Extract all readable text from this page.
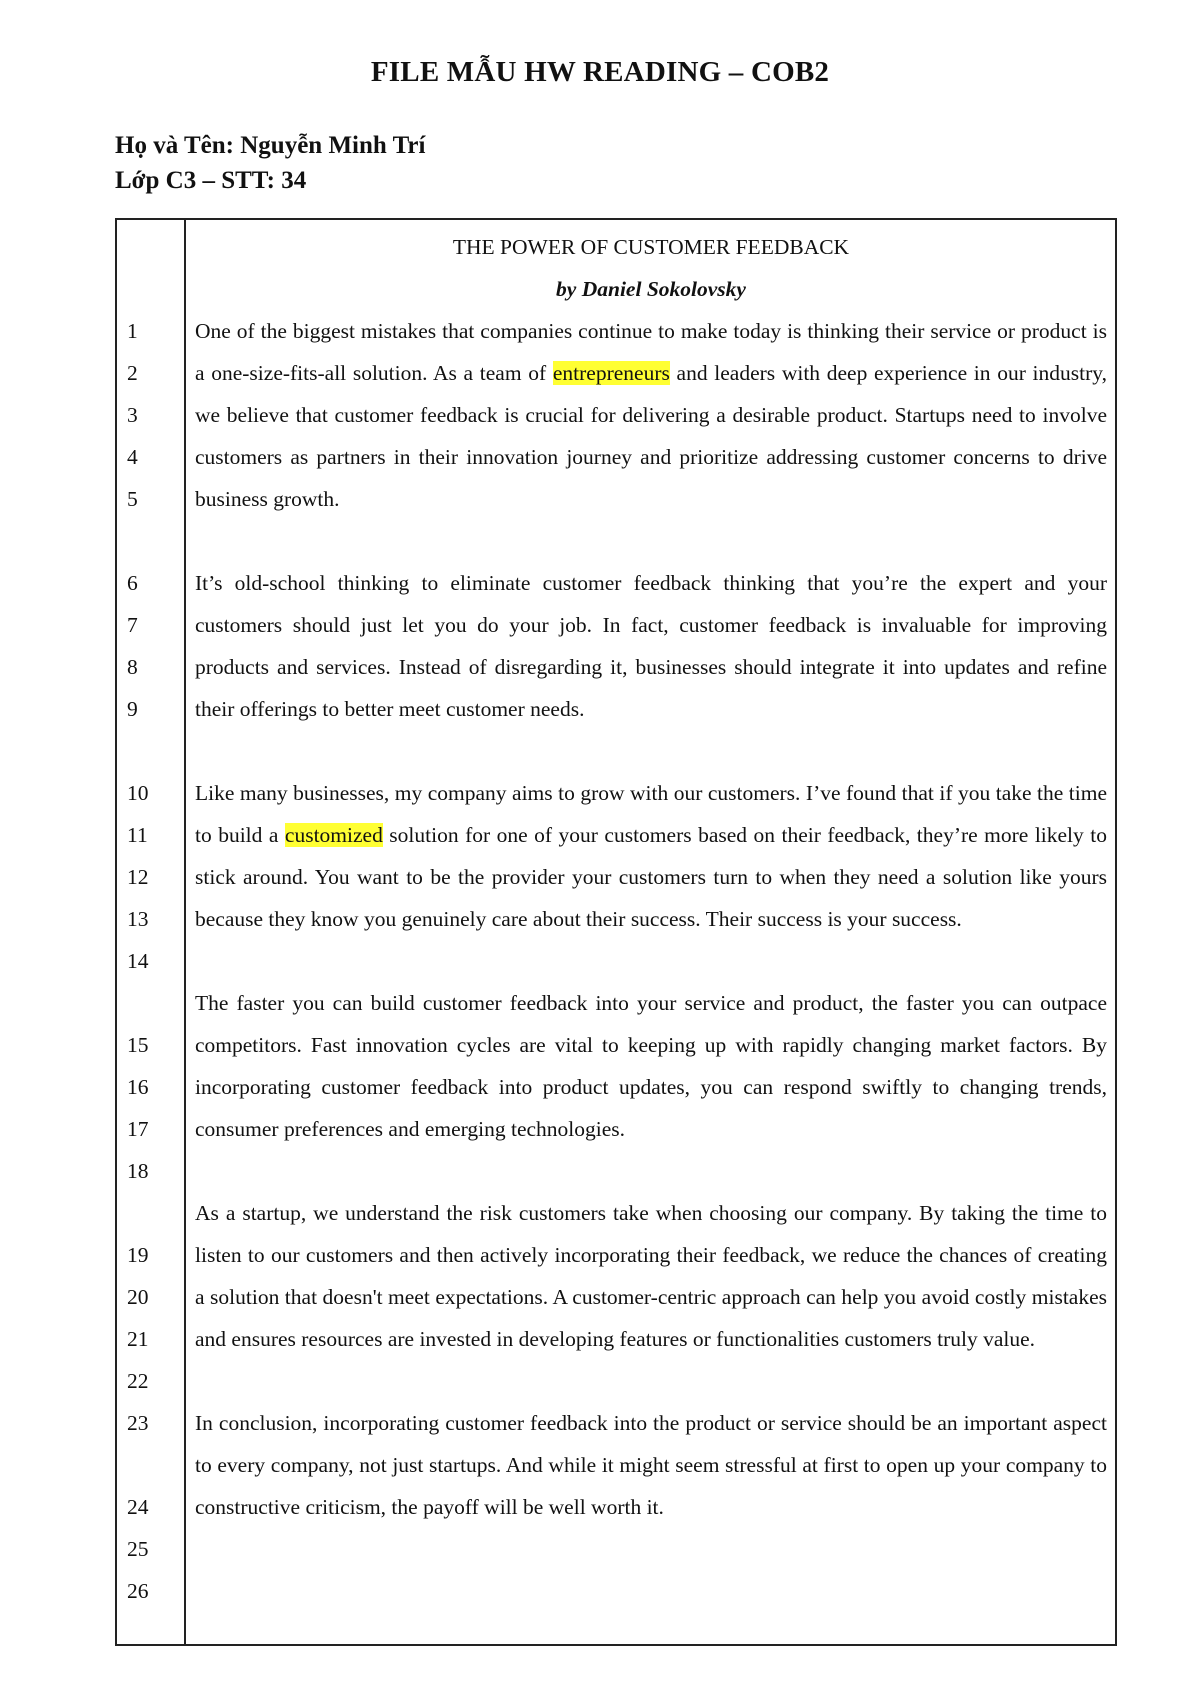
FILE MẪU HW READING – COB2
Họ và Tên: Nguyễn Minh Trí
Lớp C3 – STT: 34
1
2
3
4
5
6
7
8
9
10
11
12
13
14
15
16
17
18
19
20
21
22
23
24
25
26
THE POWER OF CUSTOMER FEEDBACK
by Daniel Sokolovsky
One of the biggest mistakes that companies continue to make today is thinking their service or product is a one-size-fits-all solution. As a team of entrepreneurs and leaders with deep experience in our industry, we believe that customer feedback is crucial for delivering a desirable product. Startups need to involve customers as partners in their innovation journey and prioritize addressing customer concerns to drive business growth.
It’s old-school thinking to eliminate customer feedback thinking that you’re the expert and your customers should just let you do your job. In fact, customer feedback is invaluable for improving products and services. Instead of disregarding it, businesses should integrate it into updates and refine their offerings to better meet customer needs.
Like many businesses, my company aims to grow with our customers. I’ve found that if you take the time to build a customized solution for one of your customers based on their feedback, they’re more likely to stick around. You want to be the provider your customers turn to when they need a solution like yours because they know you genuinely care about their success. Their success is your success.
The faster you can build customer feedback into your service and product, the faster you can outpace competitors. Fast innovation cycles are vital to keeping up with rapidly changing market factors. By incorporating customer feedback into product updates, you can respond swiftly to changing trends, consumer preferences and emerging technologies.
As a startup, we understand the risk customers take when choosing our company. By taking the time to listen to our customers and then actively incorporating their feedback, we reduce the chances of creating a solution that doesn't meet expectations. A customer-centric approach can help you avoid costly mistakes and ensures resources are invested in developing features or functionalities customers truly value.
In conclusion, incorporating customer feedback into the product or service should be an important aspect to every company, not just startups. And while it might seem stressful at first to open up your company to constructive criticism, the payoff will be well worth it.
